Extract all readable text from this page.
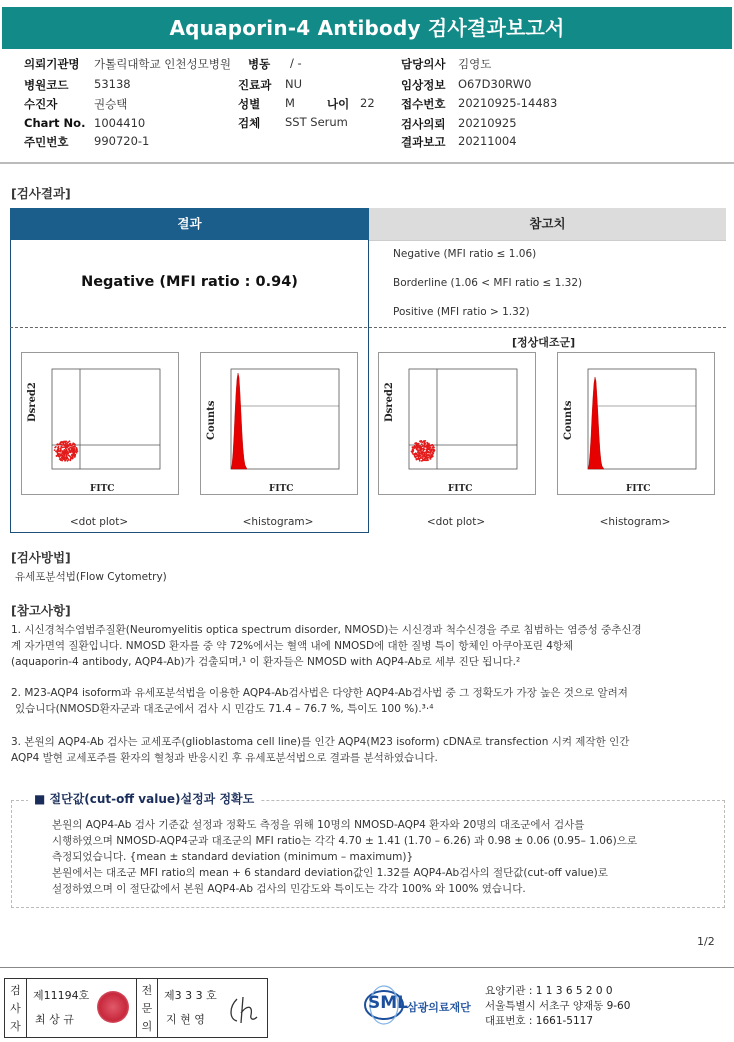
Aquaporin-4 Antibody 검사결과보고서
의뢰기관명 가톨릭대학교 인천성모병원 병동 / -	담당의사 김영도
병원코드 53138	진료과 NU	임상정보 O67D30RW0
수진자	권승택	성별 M	나이 22 접수번호 20210925-14483
Chart No. 1004410	검체 SST Serum	검사의뢰 20210925
주민번호 990720-1	결과보고 20211004
[검사결과]
결과	참고치
Negative (MFI ratio : 0.94)
Negative (MFI ratio ≤ 1.06)
Borderline (1.06 < MFI ratio ≤ 1.32)
Positive (MFI ratio > 1.32)
[정상대조군]
Dsred2
FITC
Counts
FITC
Dsred2
FITC
Counts
FITC
<dot plot>	<histogram>	<dot plot>	<histogram>
[검사방법]
유세포분석법(Flow Cytometry)
[참고사항]
1. 시신경척수염범주질환(Neuromyelitis optica spectrum disorder, NMOSD)는 시신경과 척수신경을 주로 침범하는 염증성 중추신경
계 자가면역 질환입니다. NMOSD 환자를 중 약 72%에서는 혈액 내에 NMOSD에 대한 질병 특이 항체인 아쿠아포린 4항체
(aquaporin-4 antibody, AQP4-Ab)가 검출되며,¹ 이 환자들은 NMOSD with AQP4-Ab로 세부 진단 됩니다.²
2. M23-AQP4 isoform과 유세포분석법을 이용한 AQP4-Ab검사법은 다양한 AQP4-Ab검사법 중 그 정확도가 가장 높은 것으로 알려져
있습니다(NMOSD환자군과 대조군에서 검사 시 민감도 71.4 – 76.7 %, 특이도 100 %).³·⁴
3. 본원의 AQP4-Ab 검사는 교세포주(glioblastoma cell line)를 인간 AQP4(M23 isoform) cDNA로 transfection 시켜 제작한 인간
AQP4 발현 교세포주를 환자의 혈청과 반응시킨 후 유세포분석법으로 결과를 분석하였습니다.
■ 절단값(cut-off value)설정과 정확도
본원의 AQP4-Ab 검사 기준값 설정과 정확도 측정을 위해 10명의 NMOSD-AQP4 환자와 20명의 대조군에서 검사를
시행하였으며 NMOSD-AQP4군과 대조군의 MFI ratio는 각각 4.70 ± 1.41 (1.70 – 6.26) 과 0.98 ± 0.06 (0.95– 1.06)으로
측정되었습니다. {mean ± standard deviation (minimum – maximum)}
본원에서는 대조군 MFI ratio의 mean + 6 standard deviation값인 1.32를 AQP4-Ab검사의 절단값(cut-off value)로
설정하였으며 이 절단값에서 본원 AQP4-Ab 검사의 민감도와 특이도는 각각 100% 와 100% 였습니다.
1/2
검사자
제11194호
최 상 규
전문의
제3 3 3 호
지 현 영
SML 삼광의료재단
요양기관 : 1 1 3 6 5 2 0 0
서울특별시 서초구 양재동 9-60
대표번호 : 1661-5117
